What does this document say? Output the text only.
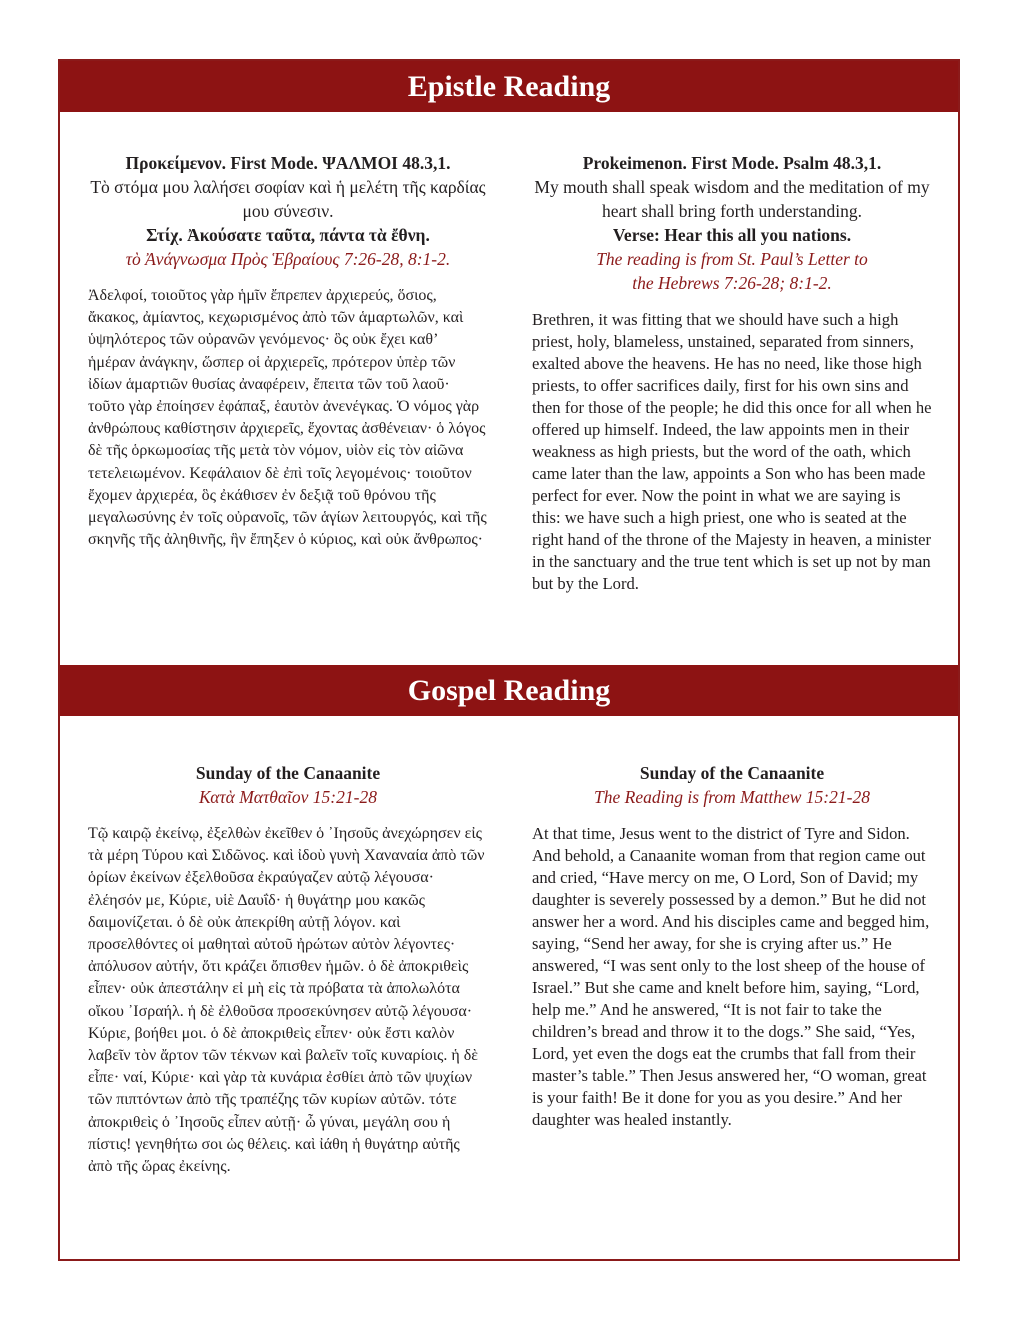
Epistle Reading
Προκείμενον. First Mode. ΨΑΛΜΟΙ 48.3,1.
Τὸ στόμα μου λαλήσει σοφίαν καὶ ἡ μελέτη τῆς καρδίας μου σύνεσιν.
Στίχ. Ἀκούσατε ταῦτα, πάντα τὰ ἔθνη.
τὸ Ἀνάγνωσμα Πρὸς Ἑβραίους 7:26-28, 8:1-2.
Ἀδελφοί, τοιοῦτος γὰρ ἡμῖν ἔπρεπεν ἀρχιερεύς, ὅσιος, ἄκακος, ἀμίαντος, κεχωρισμένος ἀπὸ τῶν ἁμαρτωλῶν, καὶ ὑψηλότερος τῶν οὐρανῶν γενόμενος· ὃς οὐκ ἔχει καθ’ ἡμέραν ἀνάγκην, ὥσπερ οἱ ἀρχιερεῖς, πρότερον ὑπὲρ τῶν ἰδίων ἁμαρτιῶν θυσίας ἀναφέρειν, ἔπειτα τῶν τοῦ λαοῦ· τοῦτο γὰρ ἐποίησεν ἐφάπαξ, ἑαυτὸν ἀνενέγκας. Ὁ νόμος γὰρ ἀνθρώπους καθίστησιν ἀρχιερεῖς, ἔχοντας ἀσθένειαν· ὁ λόγος δὲ τῆς ὁρκωμοσίας τῆς μετὰ τὸν νόμον, υἱὸν εἰς τὸν αἰῶνα τετελειωμένον. Κεφάλαιον δὲ ἐπὶ τοῖς λεγομένοις· τοιοῦτον ἔχομεν ἀρχιερέα, ὃς ἐκάθισεν ἐν δεξιᾷ τοῦ θρόνου τῆς μεγαλωσύνης ἐν τοῖς οὐρανοῖς, τῶν ἁγίων λειτουργός, καὶ τῆς σκηνῆς τῆς ἀληθινῆς, ἣν ἔπηξεν ὁ κύριος, καὶ οὐκ ἄνθρωπος·
Prokeimenon. First Mode. Psalm 48.3,1.
My mouth shall speak wisdom and the meditation of my heart shall bring forth understanding.
Verse: Hear this all you nations.
The reading is from St. Paul’s Letter to the Hebrews 7:26-28; 8:1-2.
Brethren, it was fitting that we should have such a high priest, holy, blameless, unstained, separated from sinners, exalted above the heavens. He has no need, like those high priests, to offer sacrifices daily, first for his own sins and then for those of the people; he did this once for all when he offered up himself. Indeed, the law appoints men in their weakness as high priests, but the word of the oath, which came later than the law, appoints a Son who has been made perfect for ever. Now the point in what we are saying is this: we have such a high priest, one who is seated at the right hand of the throne of the Majesty in heaven, a minister in the sanctuary and the true tent which is set up not by man but by the Lord.
Gospel Reading
Sunday of the Canaanite
Κατὰ Ματθαῖον 15:21-28
Τῷ καιρῷ ἐκείνῳ, ἐξελθὼν ἐκεῖθεν ὁ ᾿Ιησοῦς ἀνεχώρησεν εἰς τὰ μέρη Τύρου καὶ Σιδῶνος. καὶ ἰδοὺ γυνὴ Χαναναία ἀπὸ τῶν ὁρίων ἐκείνων ἐξελθοῦσα ἐκραύγαζεν αὐτῷ λέγουσα· ἐλέησόν με, Κύριε, υἱὲ Δαυΐδ· ἡ θυγάτηρ μου κακῶς δαιμονίζεται. ὁ δὲ οὐκ ἀπεκρίθη αὐτῇ λόγον. καὶ προσελθόντες οἱ μαθηταὶ αὐτοῦ ἠρώτων αὐτὸν λέγοντες· ἀπόλυσον αὐτήν, ὅτι κράζει ὄπισθεν ἡμῶν. ὁ δὲ ἀποκριθεὶς εἶπεν· οὐκ ἀπεστάλην εἰ μὴ εἰς τὰ πρόβατα τὰ ἀπολωλότα οἴκου ᾿Ισραήλ. ἡ δὲ ἐλθοῦσα προσεκύνησεν αὐτῷ λέγουσα· Κύριε, βοήθει μοι. ὁ δὲ ἀποκριθεὶς εἶπεν· οὐκ ἔστι καλὸν λαβεῖν τὸν ἄρτον τῶν τέκνων καὶ βαλεῖν τοῖς κυναρίοις. ἡ δὲ εἶπε· ναί, Κύριε· καὶ γὰρ τὰ κυνάρια ἐσθίει ἀπὸ τῶν ψυχίων τῶν πιπτόντων ἀπὸ τῆς τραπέζης τῶν κυρίων αὐτῶν. τότε ἀποκριθεὶς ὁ ᾿Ιησοῦς εἶπεν αὐτῇ· ὦ γύναι, μεγάλη σου ἡ πίστις! γενηθήτω σοι ὡς θέλεις. καὶ ἰάθη ἡ θυγάτηρ αὐτῆς ἀπὸ τῆς ὥρας ἐκείνης.
Sunday of the Canaanite
The Reading is from Matthew 15:21-28
At that time, Jesus went to the district of Tyre and Sidon. And behold, a Canaanite woman from that region came out and cried, “Have mercy on me, O Lord, Son of David; my daughter is severely possessed by a demon.” But he did not answer her a word. And his disciples came and begged him, saying, “Send her away, for she is crying after us.” He answered, “I was sent only to the lost sheep of the house of Israel.” But she came and knelt before him, saying, “Lord, help me.” And he answered, “It is not fair to take the children’s bread and throw it to the dogs.” She said, “Yes, Lord, yet even the dogs eat the crumbs that fall from their master’s table.” Then Jesus answered her, “O woman, great is your faith! Be it done for you as you desire.” And her daughter was healed instantly.
